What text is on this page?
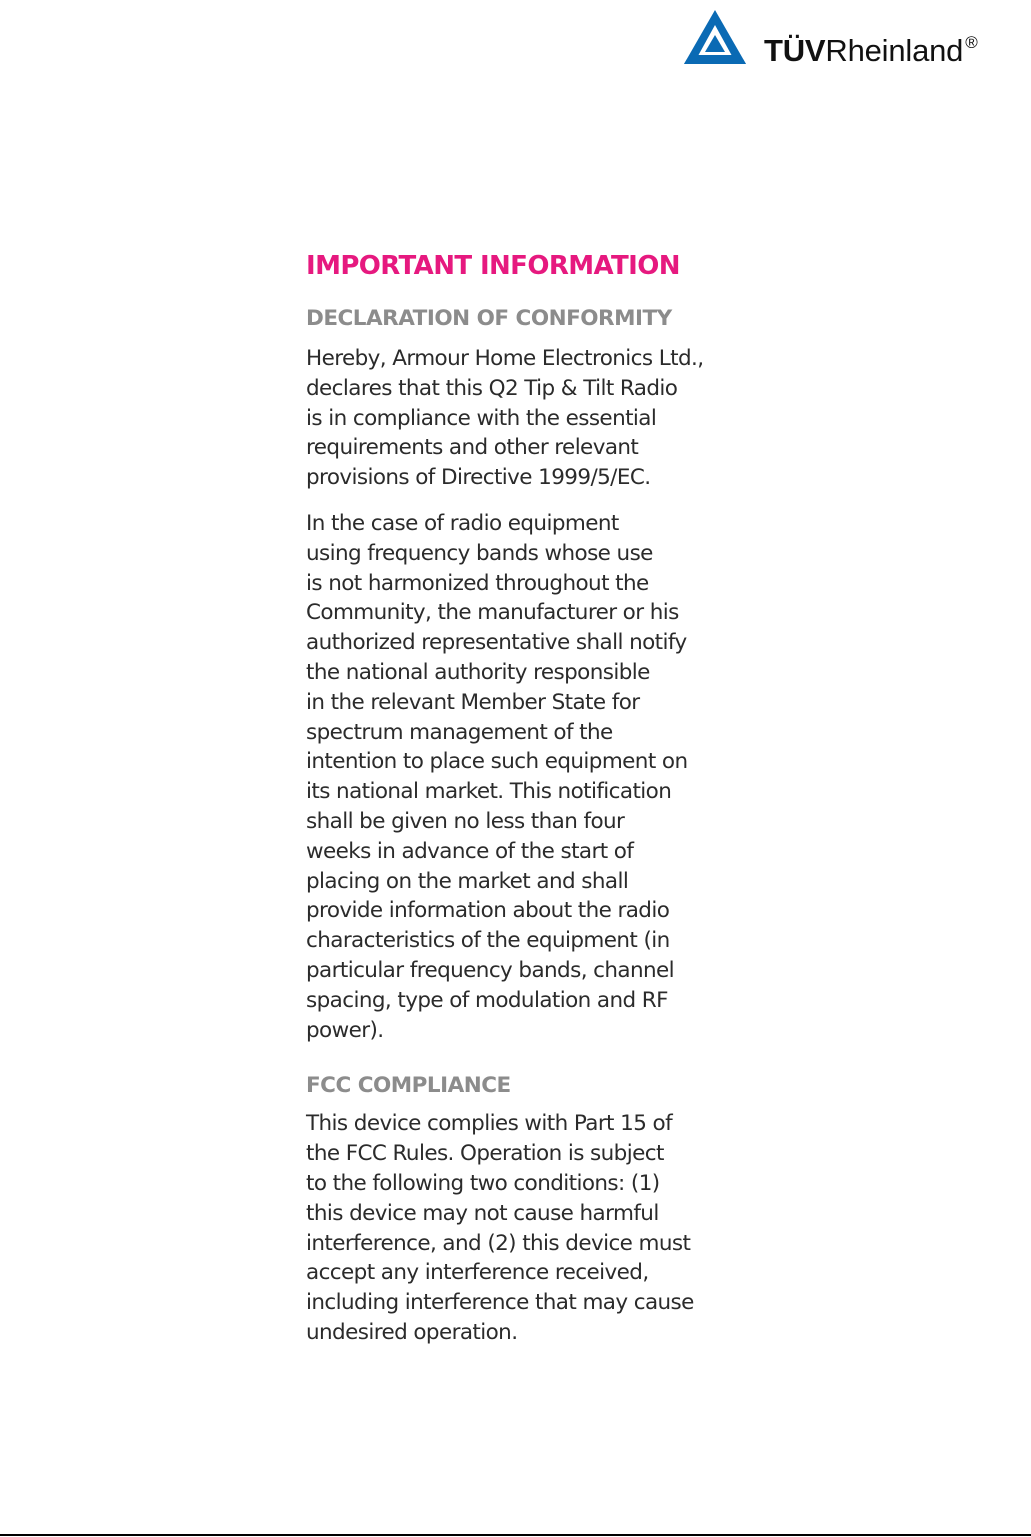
TÜVRheinland ®
IMPORTANT INFORMATION
DECLARATION OF CONFORMITY

Hereby, Armour Home Electronics Ltd.,
declares that this Q2 Tip & Tilt Radio
is in compliance with the essential
requirements and other relevant
provisions of Directive 1999/5/EC.

In the case of radio equipment
using frequency bands whose use
is not harmonized throughout the
Community, the manufacturer or his
authorized representative shall notify
the national authority responsible
in the relevant Member State for
spectrum management of the
intention to place such equipment on
its national market. This notification
shall be given no less than four
weeks in advance of the start of
placing on the market and shall
provide information about the radio
characteristics of the equipment (in
particular frequency bands, channel
spacing, type of modulation and RF
power).

FCC COMPLIANCE

This device complies with Part 15 of
the FCC Rules. Operation is subject
to the following two conditions: (1)
this device may not cause harmful
interference, and (2) this device must
accept any interference received,
including interference that may cause
undesired operation.
